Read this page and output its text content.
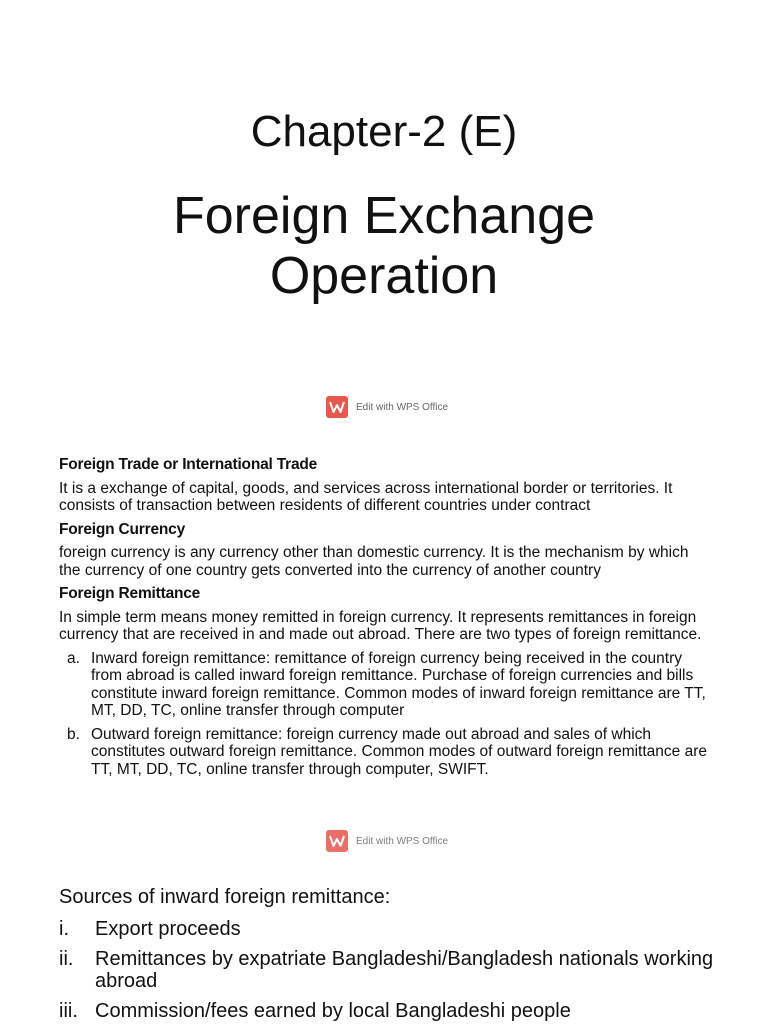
Chapter-2 (E)
Foreign Exchange
Operation
Edit with WPS Office
Foreign Trade or International Trade
It is a exchange of capital, goods, and services across international border or territories. It consists of transaction between residents of different countries under contract
Foreign Currency
foreign currency is any currency other than domestic currency. It is the mechanism by which the currency of one country gets converted into the currency of another country
Foreign Remittance
In simple term means money remitted in foreign currency. It represents remittances in foreign currency that are received in and made out abroad. There are two types of foreign remittance.
a. Inward foreign remittance: remittance of foreign currency being received in the country from abroad is called inward foreign remittance. Purchase of foreign currencies and bills constitute inward foreign remittance. Common modes of inward foreign remittance are TT, MT, DD, TC, online transfer through computer
b. Outward foreign remittance: foreign currency made out abroad and sales of which constitutes outward foreign remittance. Common modes of outward foreign remittance are TT, MT, DD, TC, online transfer through computer, SWIFT.
Edit with WPS Office
Sources of inward foreign remittance:
i.	Export proceeds
ii.	Remittances by expatriate Bangladeshi/Bangladesh nationals working abroad
iii. Commission/fees earned by local Bangladeshi people
